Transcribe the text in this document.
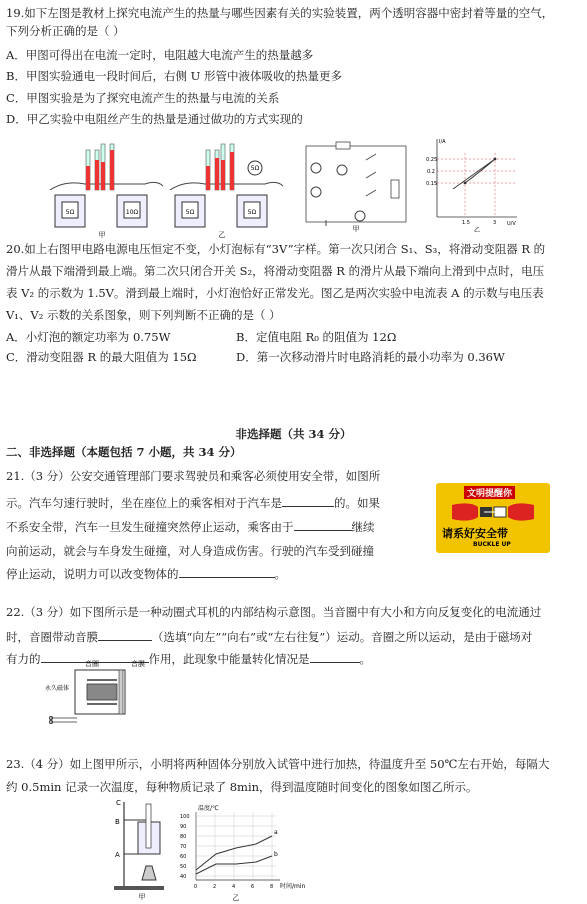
19.如下左图是教材上探究电流产生的热量与哪些因素有关的实验装置，两个透明容器中密封着等量的空气，
下列分析正确的是（ ）
A．甲图可得出在电流一定时，电阻越大电流产生的热量越多
B．甲图实验通电一段时间后，右侧 U 形管中液体吸收的热量更多
C．甲图实验是为了探究电流产生的热量与电流的关系
D．甲乙实验中电阻丝产生的热量是通过做功的方式实现的
5Ω	10Ω	5Ω	5Ω
5Ω
甲	乙
甲
I/A
U/V
0.25
0.2
0.15
1.5	3
乙
20.如上右图甲电路电源电压恒定不变，小灯泡标有“3V”字样。第一次只闭合 S₁、S₃，将滑动变阻器 R 的
滑片从最下端滑到最上端。第二次只闭合开关 S₂，将滑动变阻器 R 的滑片从最下端向上滑到中点时，电压
表 V₂ 的示数为 1.5V。滑到最上端时，小灯泡恰好正常发光。图乙是两次实验中电流表 A 的示数与电压表
V₁、V₂ 示数的关系图象，则下列判断不正确的是（ ）
A．小灯泡的额定功率为 0.75W	B．定值电阻 R₀ 的阻值为 12Ω
C．滑动变阻器 R 的最大阻值为 15Ω	D．第一次移动滑片时电路消耗的最小功率为 0.36W
非选择题（共 34 分）
二、非选择题（本题包括 7 小题，共 34 分）
21.（3 分）公安交通管理部门要求驾驶员和乘客必须使用安全带，如图所
示。汽车匀速行驶时，坐在座位上的乘客相对于汽车是	的。如果
不系安全带，汽车一旦发生碰撞突然停止运动，乘客由于	继续
向前运动，就会与车身发生碰撞，对人身造成伤害。行驶的汽车受到碰撞
停止运动，说明力可以改变物体的	。
文明提醒你
请系好安全带
BUCKLE UP
22.（3 分）如下图所示是一种动圈式耳机的内部结构示意图。当音圈中有大小和方向反复变化的电流通过
时，音圈带动音膜	（选填“向左”“向右”或“左右往复”）运动。音圈之所以运动，是由于磁场对
有力的	作用，此现象中能量转化情况是	。
音圈	音膜
永久磁体
23.（4 分）如上图甲所示，小明将两种固体分别放入试管中进行加热，待温度升至 50℃左右开始，每隔大
约 0.5min 记录一次温度，每种物质记录了 8min，得到温度随时间变化的图象如图乙所示。
C
B
A
甲
a
b
温度/℃
时间/min
100
90
80
70
60
50
40
0	2	4	6	8
乙
